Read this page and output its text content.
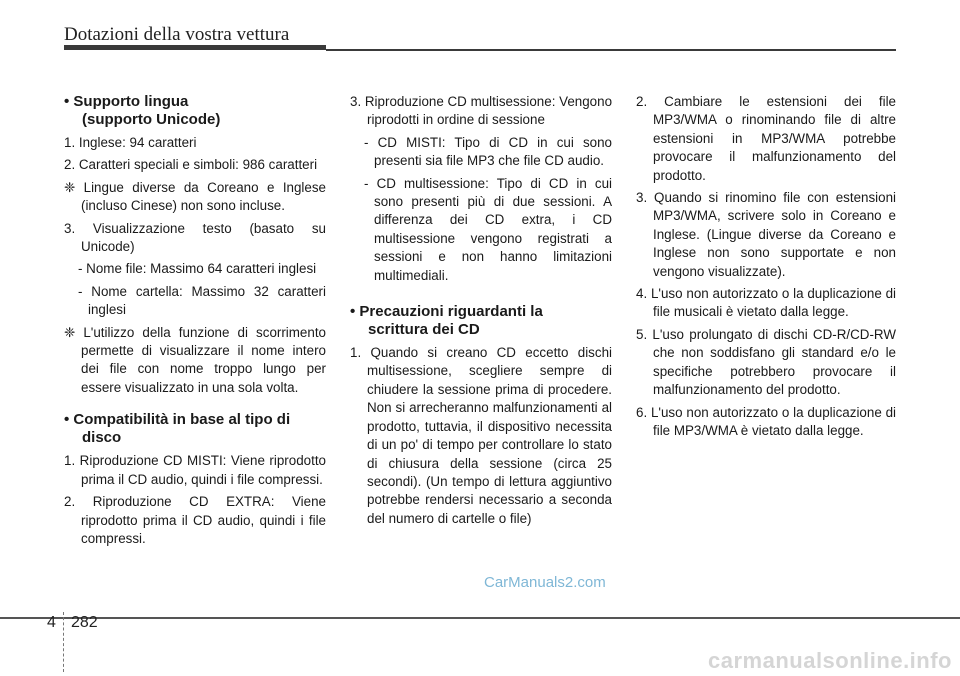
Dotazioni della vostra vettura
• Supporto lingua
(supporto Unicode)
1. Inglese: 94 caratteri
2. Caratteri speciali e simboli: 986 caratteri
❈ Lingue diverse da Coreano e Inglese (incluso Cinese) non sono incluse.
3. Visualizzazione testo (basato su Unicode)
- Nome file: Massimo 64 caratteri inglesi
- Nome cartella: Massimo 32 caratteri inglesi
❈ L'utilizzo della funzione di scorrimento permette di visualizzare il nome intero dei file con nome troppo lungo per essere visualizzato in una sola volta.
• Compatibilità in base al tipo di
disco
1. Riproduzione CD MISTI: Viene riprodotto prima il CD audio, quindi i file compressi.
2. Riproduzione CD EXTRA: Viene riprodotto prima il CD audio, quindi i file compressi.
3. Riproduzione CD multisessione: Vengono riprodotti in ordine di sessione
- CD MISTI: Tipo di CD in cui sono presenti sia file MP3 che file CD audio.
- CD multisessione: Tipo di CD in cui sono presenti più di due sessioni. A differenza dei CD extra, i CD multisessione vengono registrati a sessioni e non hanno limitazioni multimediali.
• Precauzioni riguardanti la
scrittura dei CD
1. Quando si creano CD eccetto dischi multisessione, scegliere sempre di chiudere la sessione prima di procedere. Non si arrecheranno malfunzionamenti al prodotto, tuttavia, il dispositivo necessita di un po' di tempo per controllare lo stato di chiusura della sessione (circa 25 secondi). (Un tempo di lettura aggiuntivo potrebbe rendersi necessario a seconda del numero di cartelle o file)
2. Cambiare le estensioni dei file MP3/WMA o rinominando file di altre estensioni in MP3/WMA potrebbe provocare il malfunzionamento del prodotto.
3. Quando si rinomino file con estensioni MP3/WMA, scrivere solo in Coreano e Inglese. (Lingue diverse da Coreano e Inglese non sono supportate e non vengono visualizzate).
4. L'uso non autorizzato o la duplicazione di file musicali è vietato dalla legge.
5. L'uso prolungato di dischi CD-R/CD-RW che non soddisfano gli standard e/o le specifiche potrebbero provocare il malfunzionamento del prodotto.
6. L'uso non autorizzato o la duplicazione di file MP3/WMA è vietato dalla legge.
CarManuals2.com
4 282
carmanualsonline.info
